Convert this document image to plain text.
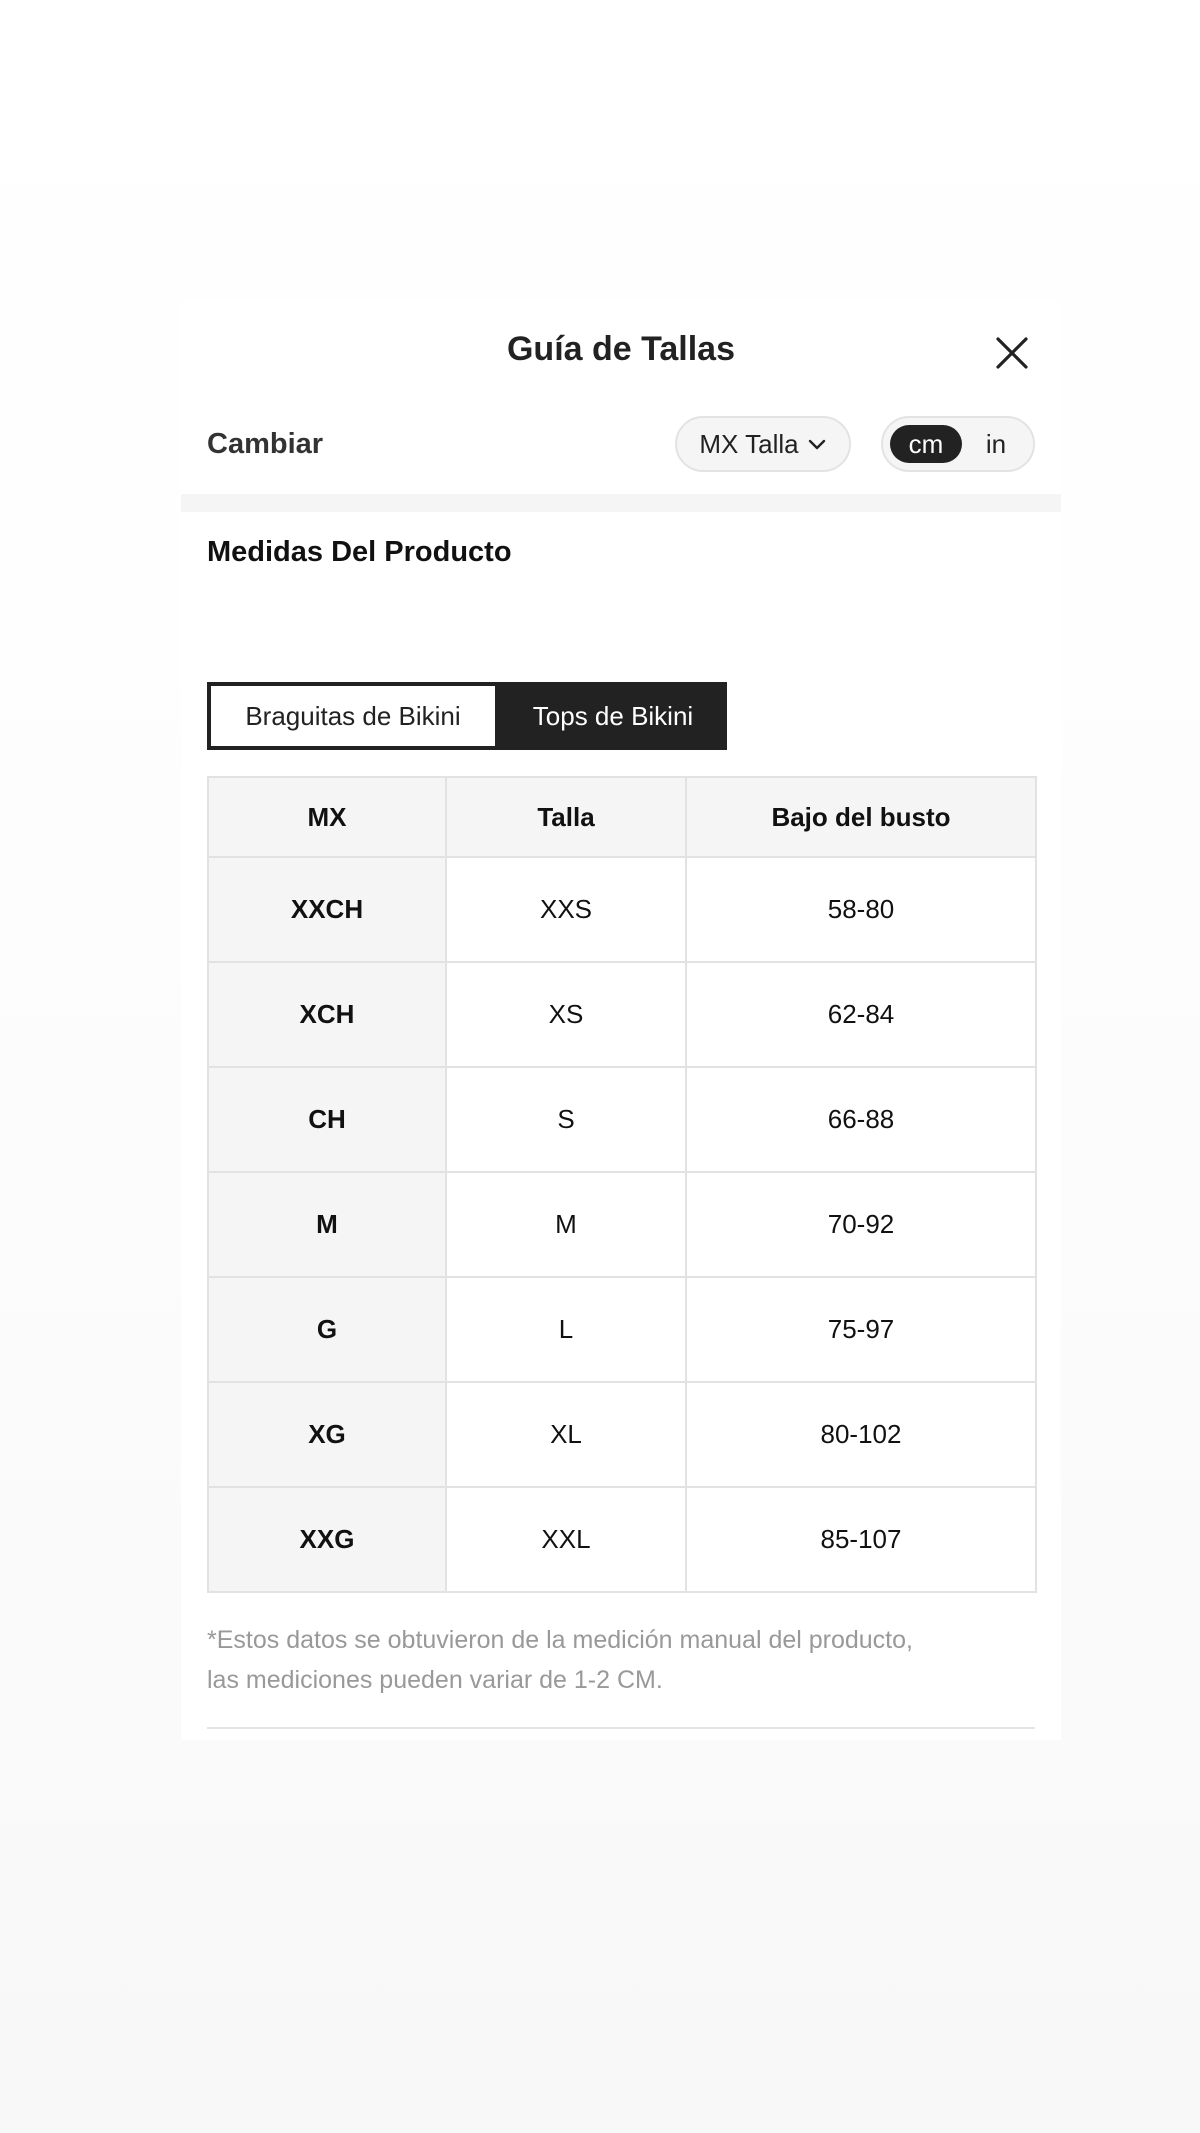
Guía de Tallas
Cambiar	MX Talla	cm	in
Medidas Del Producto
Braguitas de Bikini	Tops de Bikini
MX	Talla	Bajo del busto
XXCH	XXS	58-80
XCH	XS	62-84
CH	S	66-88
M	M	70-92
G	L	75-97
XG	XL	80-102
XXG	XXL	85-107
*Estos datos se obtuvieron de la medición manual del producto,
las mediciones pueden variar de 1-2 CM.
